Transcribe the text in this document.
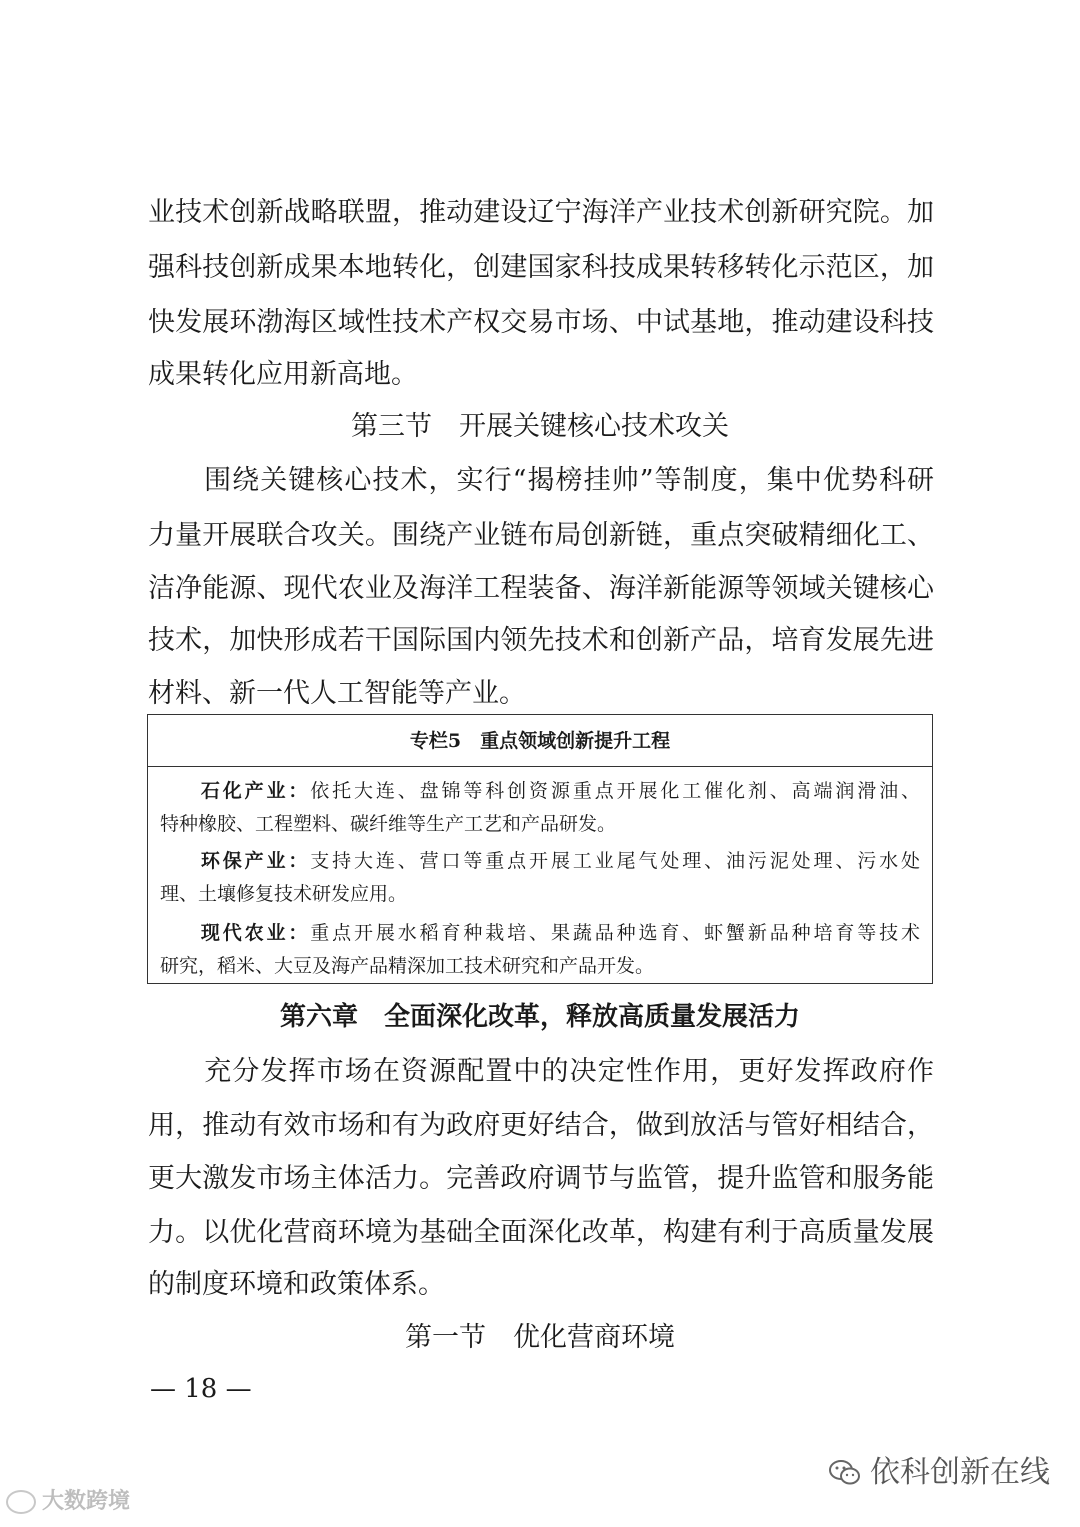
业技术创新战略联盟，推动建设辽宁海洋产业技术创新研究院。加
强科技创新成果本地转化，创建国家科技成果转移转化示范区，加
快发展环渤海区域性技术产权交易市场、中试基地，推动建设科技
成果转化应用新高地。
第三节　开展关键核心技术攻关
　　围绕关键核心技术，实行“揭榜挂帅”等制度，集中优势科研
力量开展联合攻关。围绕产业链布局创新链，重点突破精细化工、
洁净能源、现代农业及海洋工程装备、海洋新能源等领域关键核心
技术，加快形成若干国际国内领先技术和创新产品，培育发展先进
材料、新一代人工智能等产业。
专栏5　重点领域创新提升工程
石化产业：依托大连、盘锦等科创资源重点开展化工催化剂、高端润滑油、
特种橡胶、工程塑料、碳纤维等生产工艺和产品研发。
环保产业：支持大连、营口等重点开展工业尾气处理、油污泥处理、污水处
理、土壤修复技术研发应用。
现代农业：重点开展水稻育种栽培、果蔬品种选育、虾蟹新品种培育等技术
研究，稻米、大豆及海产品精深加工技术研究和产品开发。
第六章　全面深化改革，释放高质量发展活力
　　充分发挥市场在资源配置中的决定性作用，更好发挥政府作
用，推动有效市场和有为政府更好结合，做到放活与管好相结合，
更大激发市场主体活力。完善政府调节与监管，提升监管和服务能
力。以优化营商环境为基础全面深化改革，构建有利于高质量发展
的制度环境和政策体系。
第一节　优化营商环境
— 18 —
大数跨境
依科创新在线
